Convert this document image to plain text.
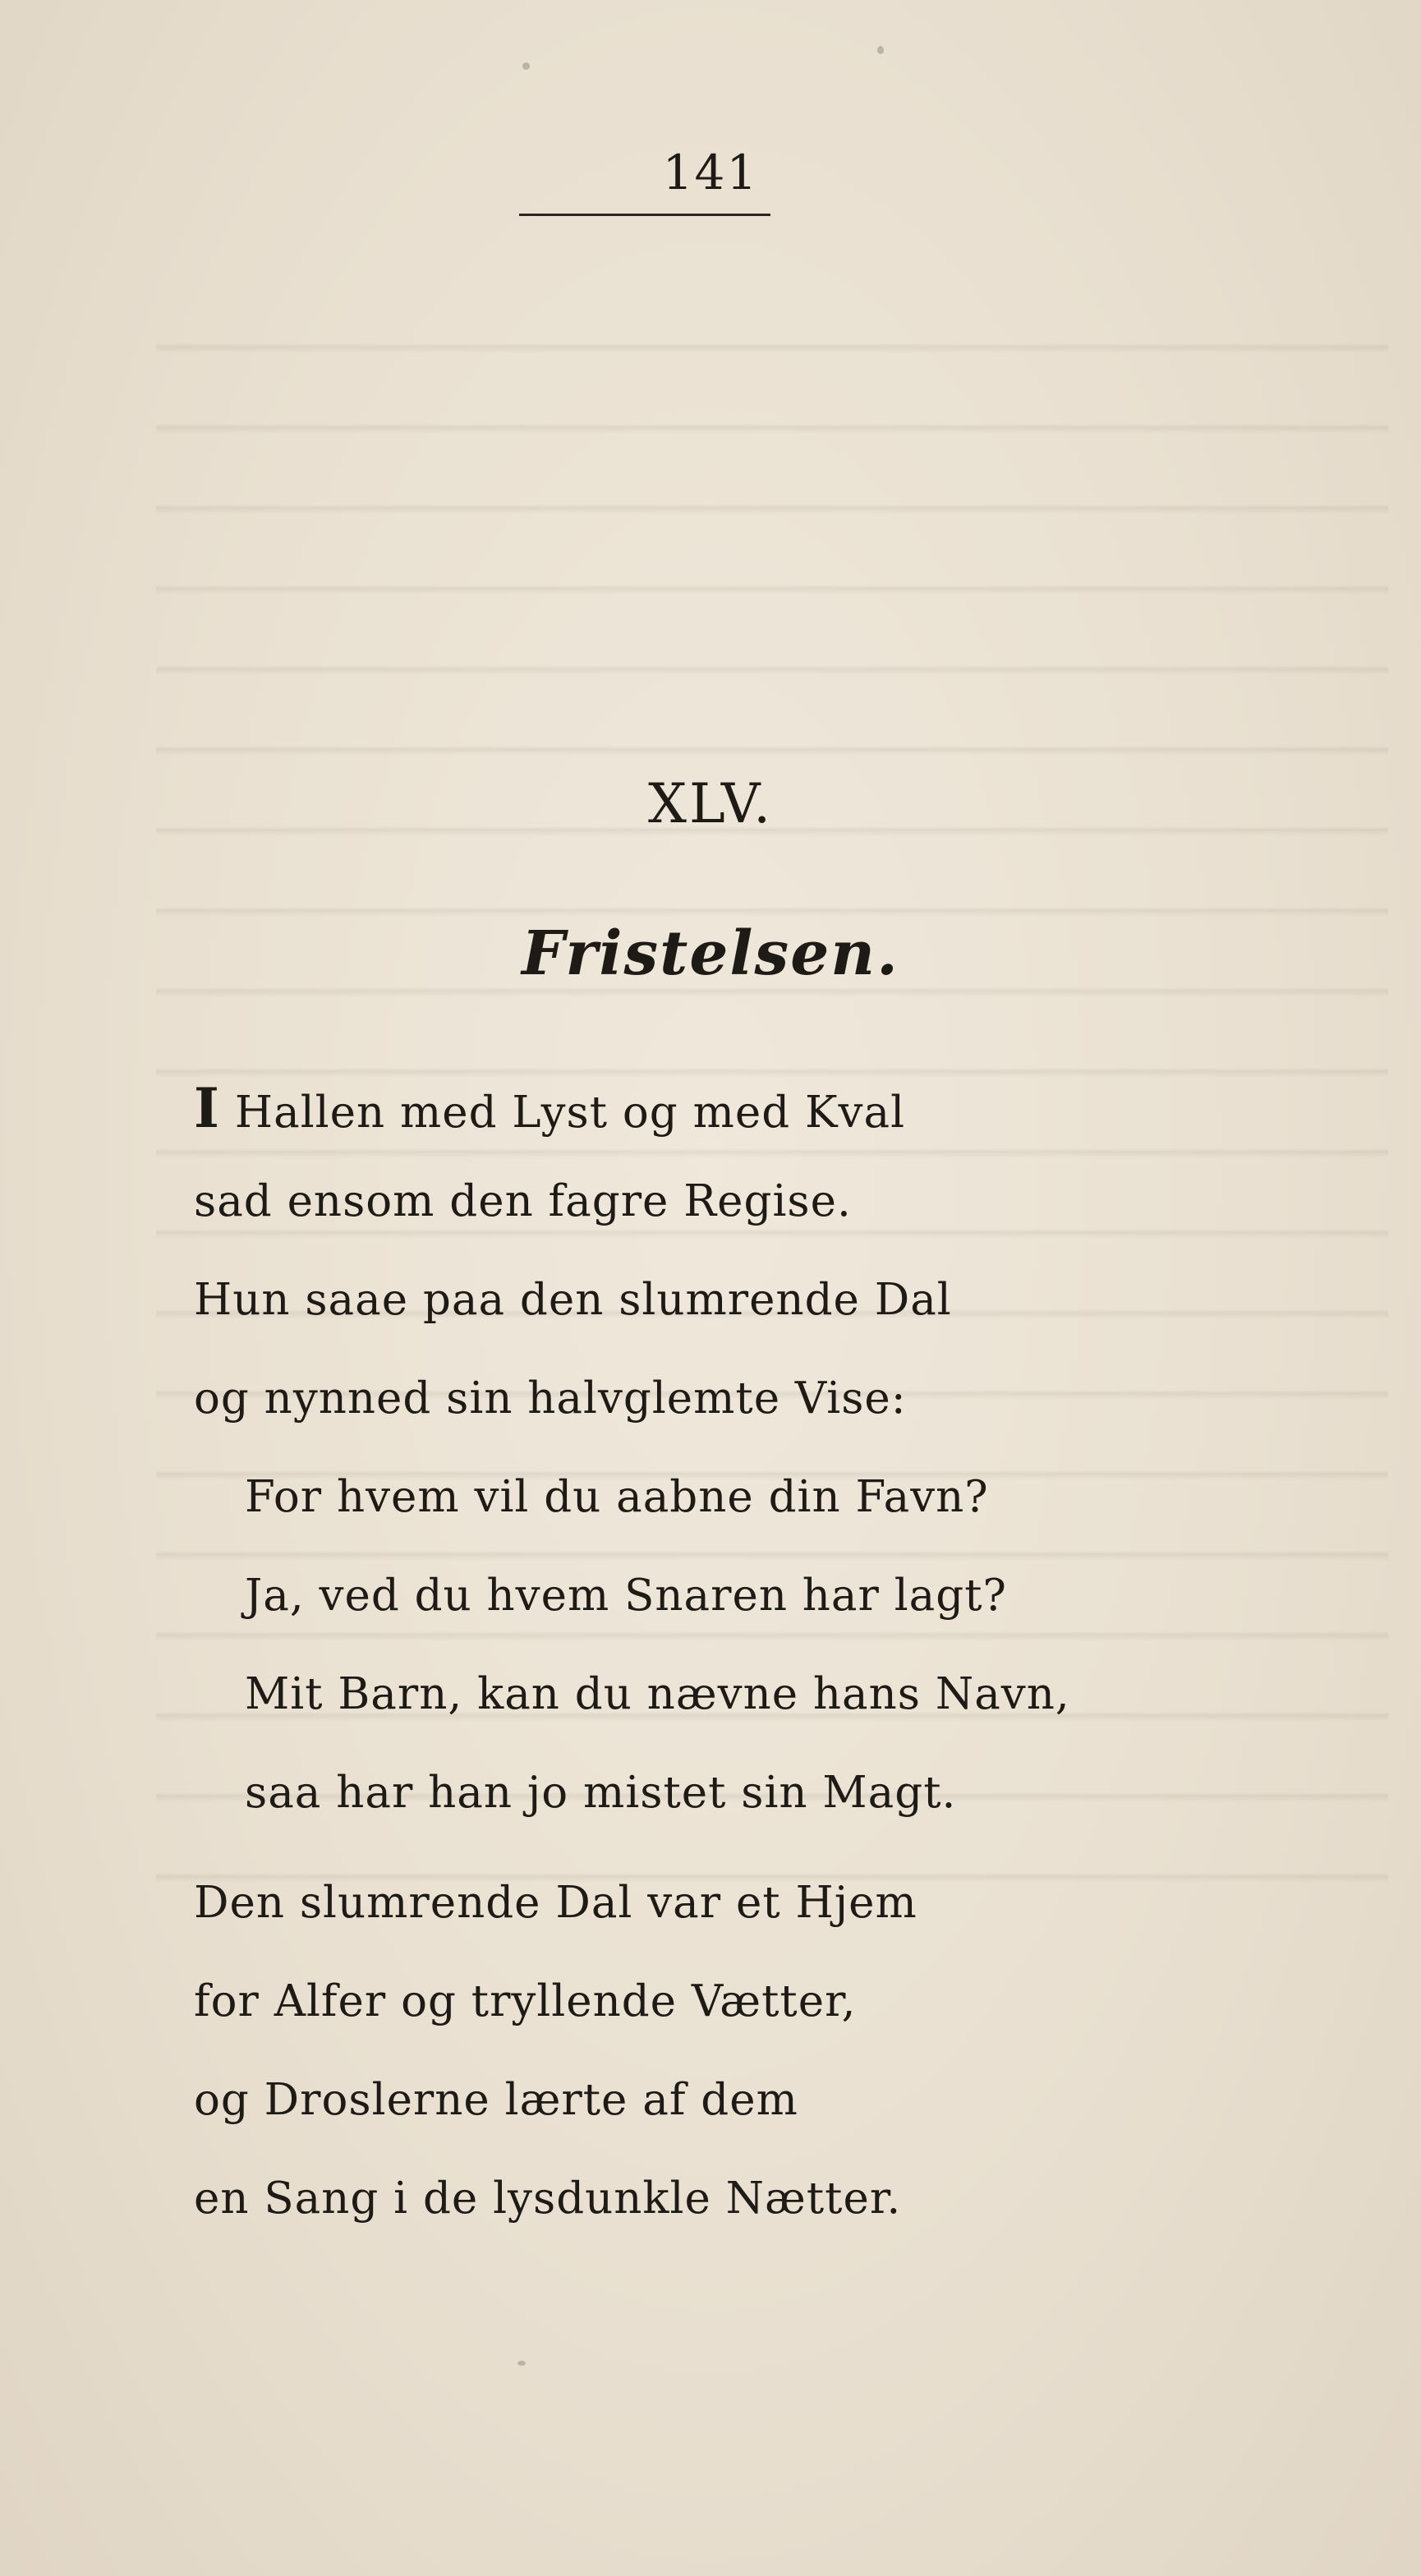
141
XLV.
Fristelsen.
I Hallen med Lyst og med Kval
sad ensom den fagre Regise.
Hun saae paa den slumrende Dal
og nynned sin halvglemte Vise:
For hvem vil du aabne din Favn?
Ja, ved du hvem Snaren har lagt?
Mit Barn, kan du nævne hans Navn,
saa har han jo mistet sin Magt.
Den slumrende Dal var et Hjem
for Alfer og tryllende Vætter,
og Droslerne lærte af dem
en Sang i de lysdunkle Nætter.
